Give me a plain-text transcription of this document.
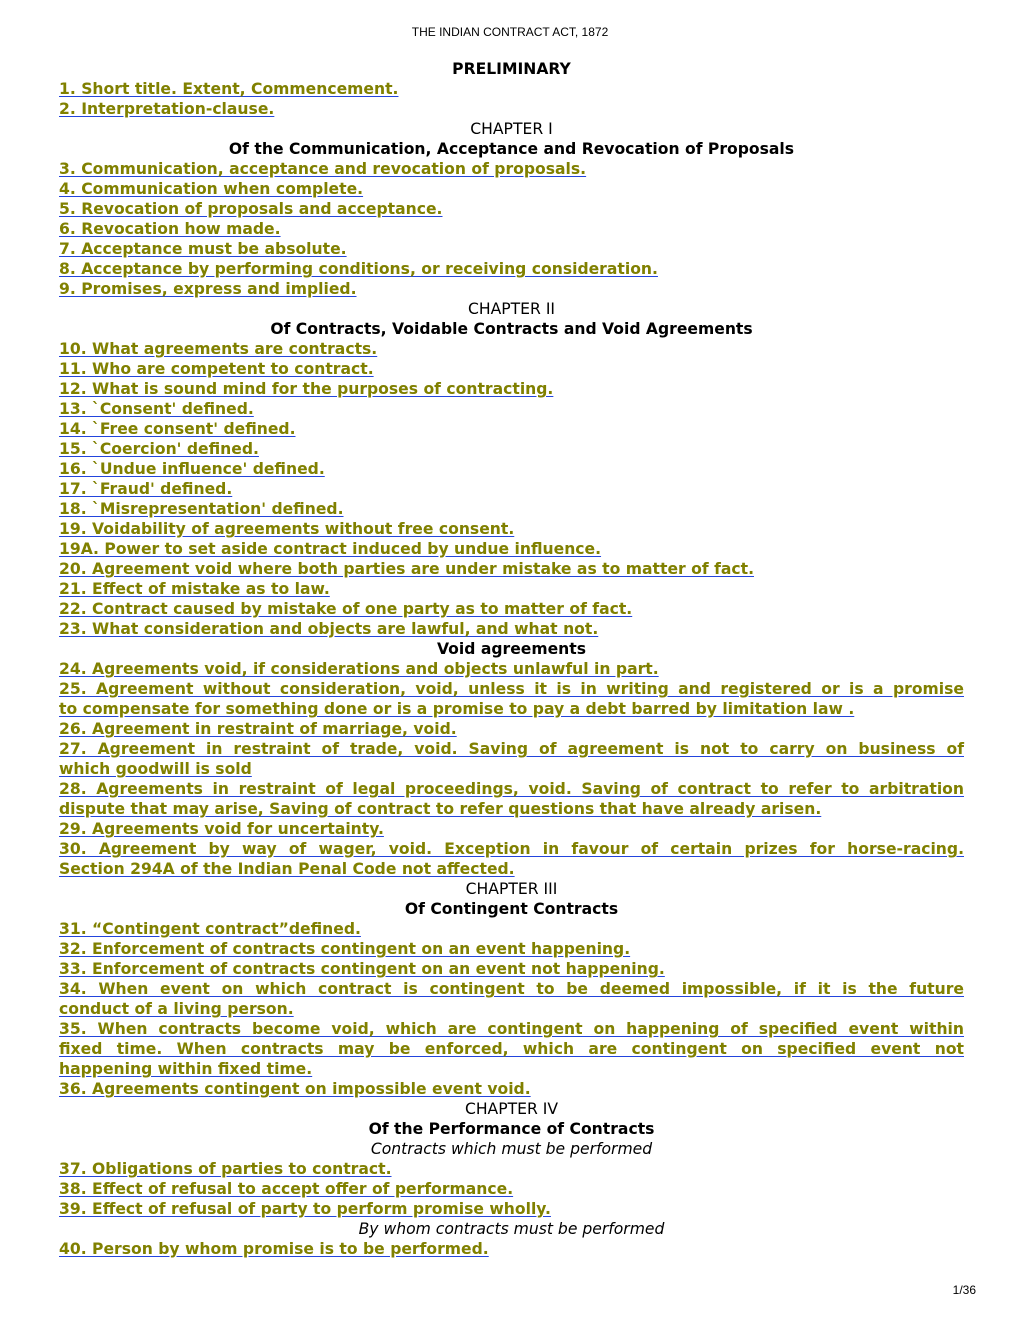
THE INDIAN CONTRACT ACT, 1872
PRELIMINARY
1. Short title. Extent, Commencement.
2. Interpretation-clause.
CHAPTER I
Of the Communication, Acceptance and Revocation of Proposals
3. Communication, acceptance and revocation of proposals.
4. Communication when complete.
5. Revocation of proposals and acceptance.
6. Revocation how made.
7. Acceptance must be absolute.
8. Acceptance by performing conditions, or receiving consideration.
9. Promises, express and implied.
CHAPTER II
Of Contracts, Voidable Contracts and Void Agreements
10. What agreements are contracts.
11. Who are competent to contract.
12. What is sound mind for the purposes of contracting.
13. `Consent' defined.
14. `Free consent' defined.
15. `Coercion' defined.
16. `Undue influence' defined.
17. `Fraud' defined.
18. `Misrepresentation' defined.
19. Voidability of agreements without free consent.
19A. Power to set aside contract induced by undue influence.
20. Agreement void where both parties are under mistake as to matter of fact.
21. Effect of mistake as to law.
22. Contract caused by mistake of one party as to matter of fact.
23. What consideration and objects are lawful, and what not.
Void agreements
24. Agreements void, if considerations and objects unlawful in part.
25. Agreement without consideration, void, unless it is in writing and registered or is a promise
to compensate for something done or is a promise to pay a debt barred by limitation law .
26. Agreement in restraint of marriage, void.
27. Agreement in restraint of trade, void. Saving of agreement is not to carry on business of
which goodwill is sold
28. Agreements in restraint of legal proceedings, void. Saving of contract to refer to arbitration
dispute that may arise, Saving of contract to refer questions that have already arisen.
29. Agreements void for uncertainty.
30. Agreement by way of wager, void. Exception in favour of certain prizes for horse-racing.
Section 294A of the Indian Penal Code not affected.
CHAPTER III
Of Contingent Contracts
31. “Contingent contract”defined.
32. Enforcement of contracts contingent on an event happening.
33. Enforcement of contracts contingent on an event not happening.
34. When event on which contract is contingent to be deemed impossible, if it is the future
conduct of a living person.
35. When contracts become void, which are contingent on happening of specified event within
fixed time. When contracts may be enforced, which are contingent on specified event not
happening within fixed time.
36. Agreements contingent on impossible event void.
CHAPTER IV
Of the Performance of Contracts
Contracts which must be performed
37. Obligations of parties to contract.
38. Effect of refusal to accept offer of performance.
39. Effect of refusal of party to perform promise wholly.
By whom contracts must be performed
40. Person by whom promise is to be performed.
1/36
